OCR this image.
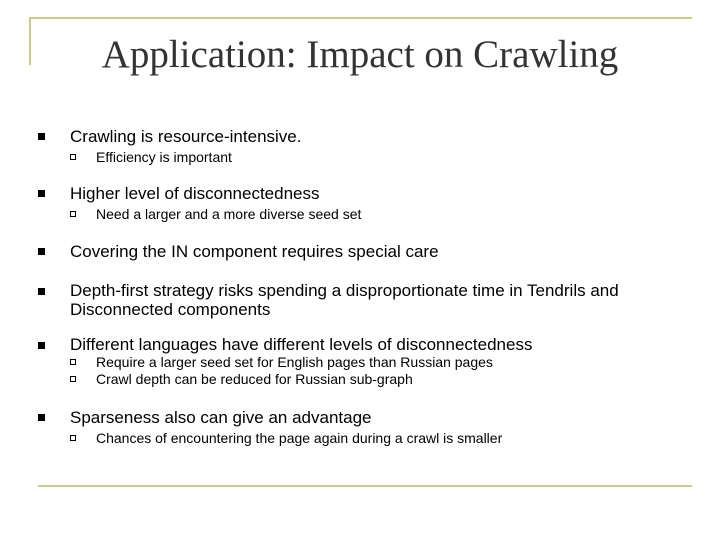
Application: Impact on Crawling
Crawling is resource-intensive.
Efficiency is important
Higher level of disconnectedness
Need a larger and a more diverse seed set
Covering the IN component requires special care
Depth-first strategy risks spending a disproportionate time in Tendrils and Disconnected components
Different languages have different levels of disconnectedness
Require a larger seed set for English pages than Russian pages
Crawl depth can be reduced for Russian sub-graph
Sparseness also can give an advantage
Chances of encountering the page again during a crawl is smaller
